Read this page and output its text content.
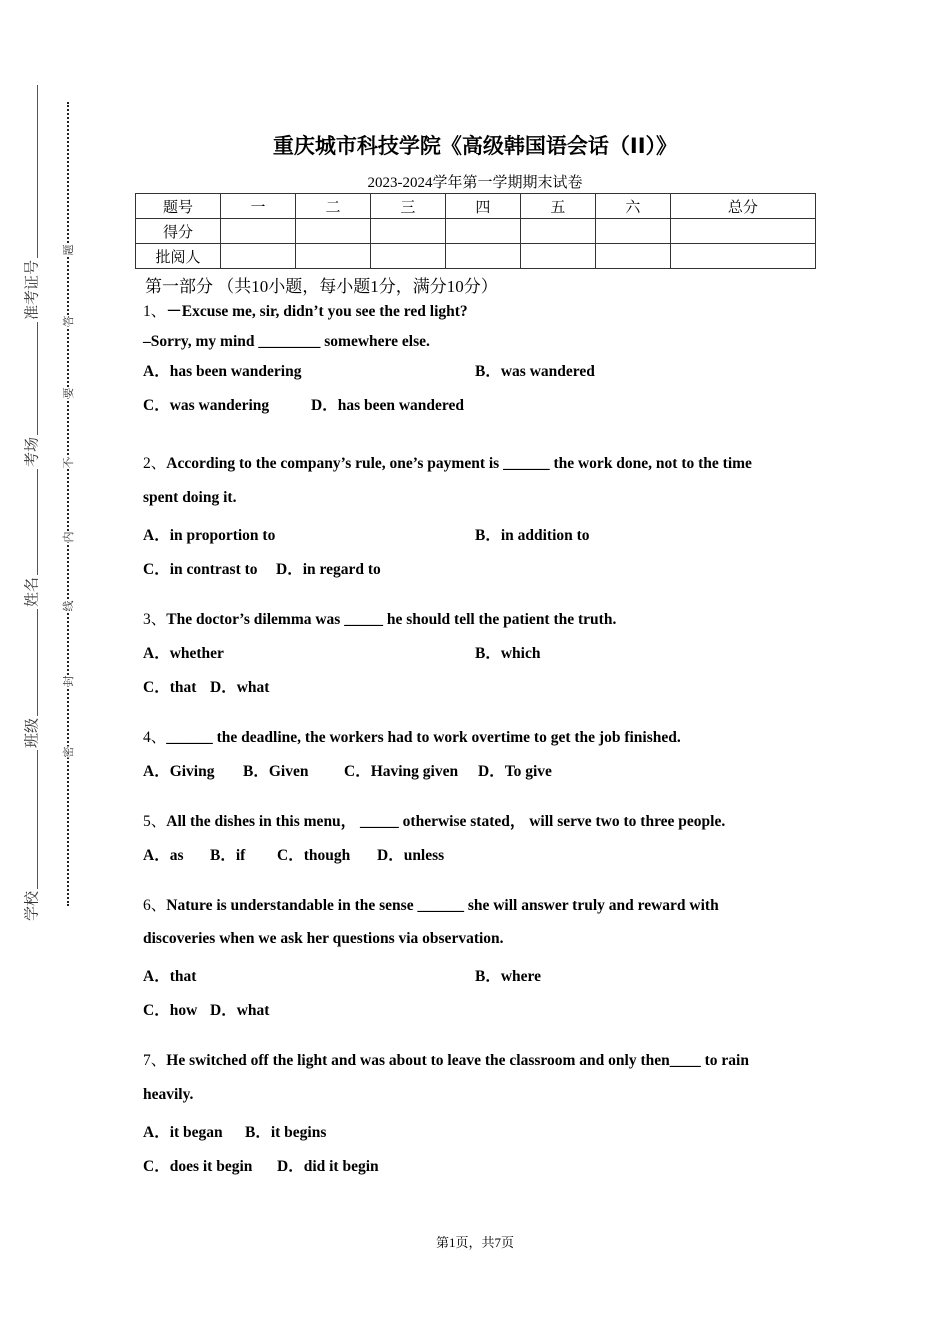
准考证号
考场
姓名
班级
学校
题
答
要
不
内
线
封
密
重庆城市科技学院《高级韩国语会话（II）》
2023-2024学年第一学期期末试卷
题号	一	二	三	四	五	六	总分
得分							
批阅人							
第一部分 （共10小题，每小题1分，满分10分）
1、－Excuse me, sir, didn’t you see the red light?
–Sorry, my mind ________ somewhere else.
A．has been wandering	B．was wandered
C．was wandering	D．has been wandered
2、According to the company’s rule, one’s payment is ______ the work done, not to the time
spent doing it.
A．in proportion to	B．in addition to
C．in contrast to D．in regard to
3、The doctor’s dilemma was _____ he should tell the patient the truth.
A．whether	B．which
C．that D．what
4、______ the deadline, the workers had to work overtime to get the job finished.
A．Giving B．Given C．Having given D．To give
5、All the dishes in this menu， _____ otherwise stated， will serve two to three people.
A．as B．if C．though D．unless
6、Nature is understandable in the sense ______ she will answer truly and reward with
discoveries when we ask her questions via observation.
A．that	B．where
C．how D．what
7、He switched off the light and was about to leave the classroom and only then____ to rain
heavily.
A．it began B．it begins
C．does it begin D．did it begin
第1页，共7页
